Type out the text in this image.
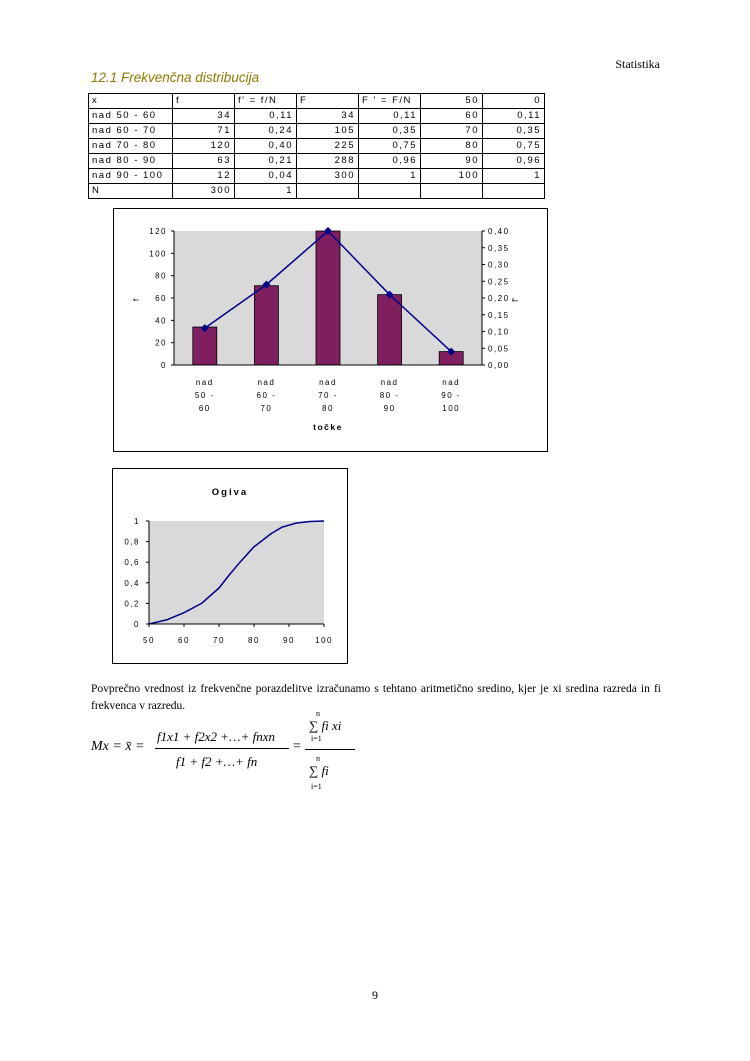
Statistika
12.1 Frekvenčna distribucija
x	f	f' = f/N	F	F ' = F/N	50	0
nad 50 - 60	34	0,11	34	0,11	60	0,11
nad 60 - 70	71	0,24	105	0,35	70	0,35
nad 70 - 80	120	0,40	225	0,75	80	0,75
nad 80 - 90	63	0,21	288	0,96	90	0,96
nad 90 - 100	12	0,04	300	1	100	1
N	300	1				
0
20
40
60
80
100
120
0,00
0,05
0,10
0,15
0,20
0,25
0,30
0,35
0,40
nad
50 -
60
nad
60 -
70
nad
70 -
80
nad
80 -
90
nad
90 -
100
točke
f	f'
Ogiva
0
0,2
0,4
0,6
0,8
1
50	60	70	80	90	100
Povprečno vrednost iz frekvenčne porazdelitve izračunamo s tehtano aritmetično sredino, kjer je xi sredina razreda in fi frekvenca v razredu.
Mx = x̄ =
f1x1 + f2x2 +…+ fnxn
f1 + f2 +…+ fn
=
n
∑ fi xi
i=1
n
∑ fi
i=1
9
